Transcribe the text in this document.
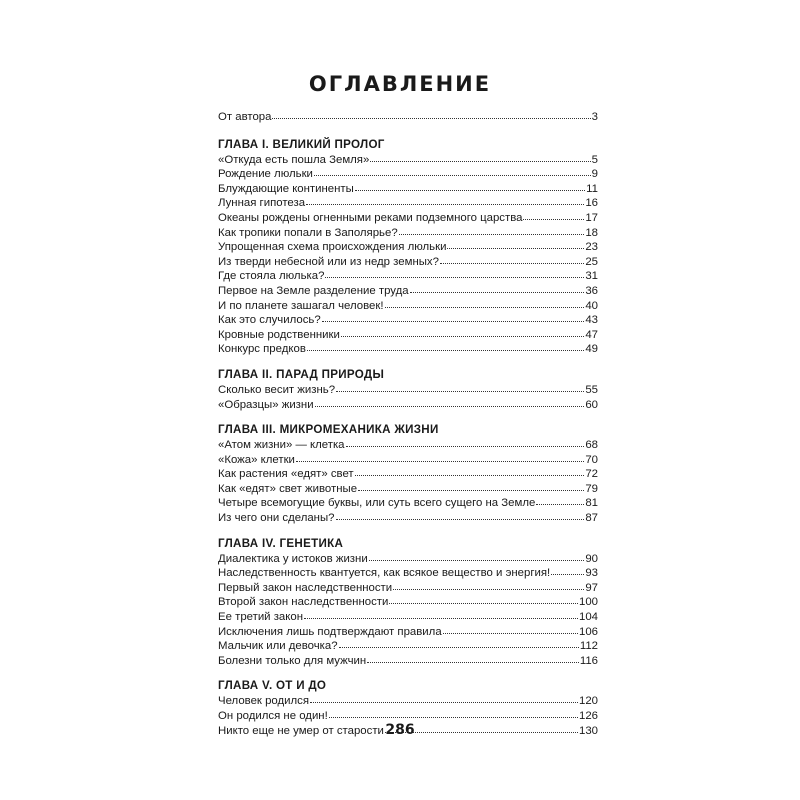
ОГЛАВЛЕНИЕ
От автора	3
ГЛАВА I. ВЕЛИКИЙ ПРОЛОГ
«Откуда есть пошла Земля»	5
Рождение люльки	9
Блуждающие континенты	11
Лунная гипотеза	16
Океаны рождены огненными реками подземного царства	17
Как тропики попали в Заполярье?	18
Упрощенная схема происхождения люльки	23
Из тверди небесной или из недр земных?	25
Где стояла люлька?	31
Первое на Земле разделение труда	36
И по планете зашагал человек!	40
Как это случилось?	43
Кровные родственники	47
Конкурс предков	49
ГЛАВА II. ПАРАД ПРИРОДЫ
Сколько весит жизнь?	55
«Образцы» жизни	60
ГЛАВА III. МИКРОМЕХАНИКА ЖИЗНИ
«Атом жизни» — клетка	68
«Кожа» клетки	70
Как растения «едят» свет	72
Как «едят» свет животные	79
Четыре всемогущие буквы, или суть всего сущего на Земле	81
Из чего они сделаны?	87
ГЛАВА IV. ГЕНЕТИКА
Диалектика у истоков жизни	90
Наследственность квантуется, как всякое вещество и энергия!	93
Первый закон наследственности	97
Второй закон наследственности	100
Ее третий закон	104
Исключения лишь подтверждают правила	106
Мальчик или девочка?	112
Болезни только для мужчин	116
ГЛАВА V. ОТ И ДО
Человек родился	120
Он родился не один!	126
Никто еще не умер от старости	130
286
